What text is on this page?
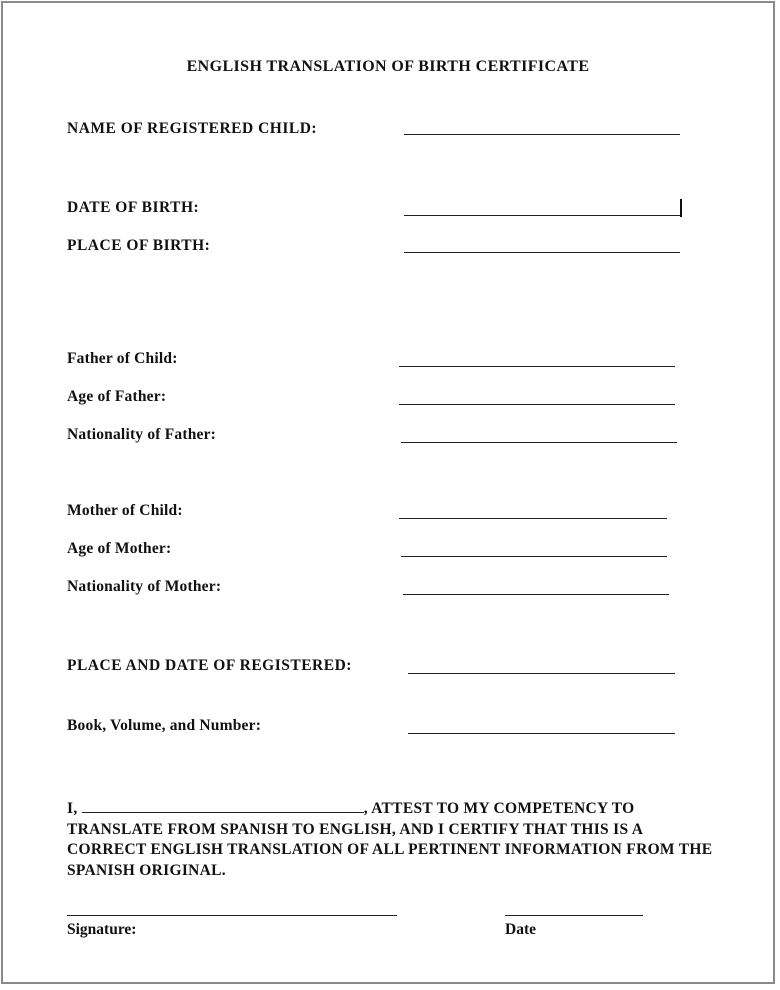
ENGLISH TRANSLATION OF BIRTH CERTIFICATE
NAME OF REGISTERED CHILD:
DATE OF BIRTH:
PLACE OF BIRTH:
Father of Child:
Age of Father:
Nationality of Father:
Mother of Child:
Age of Mother:
Nationality of Mother:
PLACE AND DATE OF REGISTERED:
Book, Volume, and Number:
I,	, ATTEST TO MY COMPETENCY TO TRANSLATE FROM SPANISH TO ENGLISH, AND I CERTIFY THAT THIS IS A CORRECT ENGLISH TRANSLATION OF ALL PERTINENT INFORMATION FROM THE SPANISH ORIGINAL.
Signature:	Date
